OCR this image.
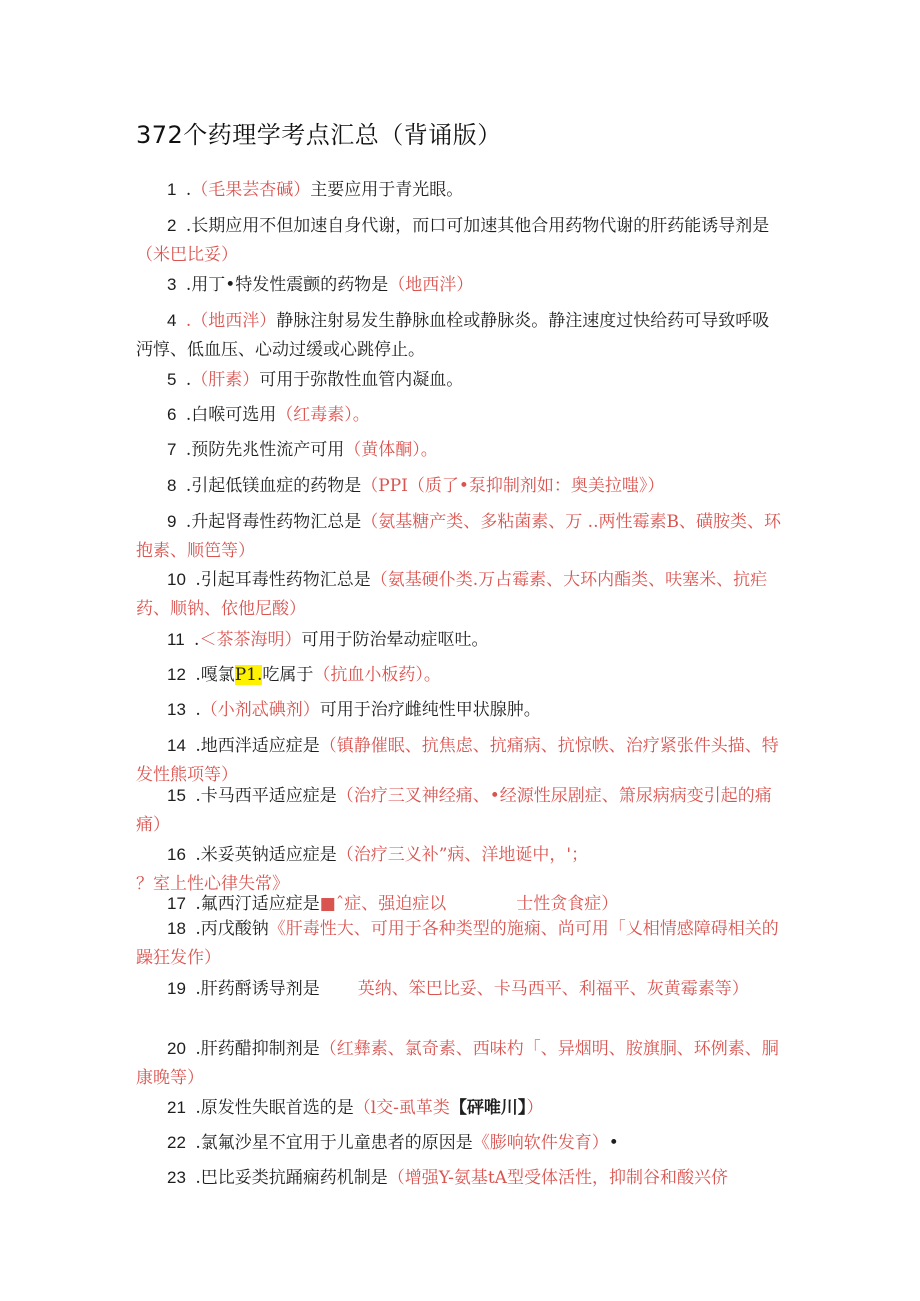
372个药理学考点汇总（背诵版）
1 .（毛果芸杏碱）主要应用于青光眼。
2 .长期应用不但加速自身代谢，而口可加速其他合用药物代谢的肝药能诱导剂是（米巴比妥）
3 .用丁•特发性震颤的药物是（地西泮）
4 .（地西泮）静脉注射易发生静脉血栓或静脉炎。静注速度过快给药可导致呼吸沔惇、低血压、心动过缓或心跳停止。
5 .（肝素）可用于弥散性血管内凝血。
6 .白喉可选用（红毒素）。
7 .预防先兆性流产可用（黄体酮）。
8 .引起低镁血症的药物是（PPI（质了•泵抑制剂如：奥美拉嗤》）
9 .升起肾毒性药物汇总是（氨基糖产类、多粘菌素、万 ..两性霉素B、磺胺类、环抱素、顺笆等）
10 .引起耳毒性药物汇总是（氨基硬仆类.万占霉素、大环内酯类、呋塞米、抗疟药、顺钠、依他尼酸）
11 .＜茶茶海明）可用于防治晕动症呕吐。
12 .嘎氯P1.吃属于（抗血小板药）。
13 .（小剂忒碘剂）可用于治疗雌纯性甲状腺肿。
14 .地西泮适应症是（镇静催眠、抗焦虑、抗痛病、抗惊帙、治疗紧张件头描、特发性熊项等）
15 .卡马西平适应症是（治疗三叉神经痛、•经源性尿剧症、箫尿病病变引起的痛痛）
16 .米妥英钠适应症是（治疗三义补”病、洋地诞中，'；？室上性心律失常》
17 .氟西汀适应症是■ˆ症、强迫症以	士性贪食症）
18 .丙戊酸钠《肝毒性大、可用于各种类型的施痫、尚可用「乂相情感障碍相关的躁狂发作）
19 .肝药酹诱导剂是 英纳、笨巴比妥、卡马西平、利福平、灰黄霉素等）
20 .肝药醋抑制剂是（红彝素、氯奇素、西味杓「、异烟明、胺旗胴、环例素、胴康晚等）
21 .原发性失眠首选的是（l交-虱革类【砰唯川】）
22 .氯氟沙星不宜用于儿童患者的原因是《膨响软件发育）•
23 .巴比妥类抗踊痫药机制是（增强Y-氨基tA型受体活性，抑制谷和酸兴侪
